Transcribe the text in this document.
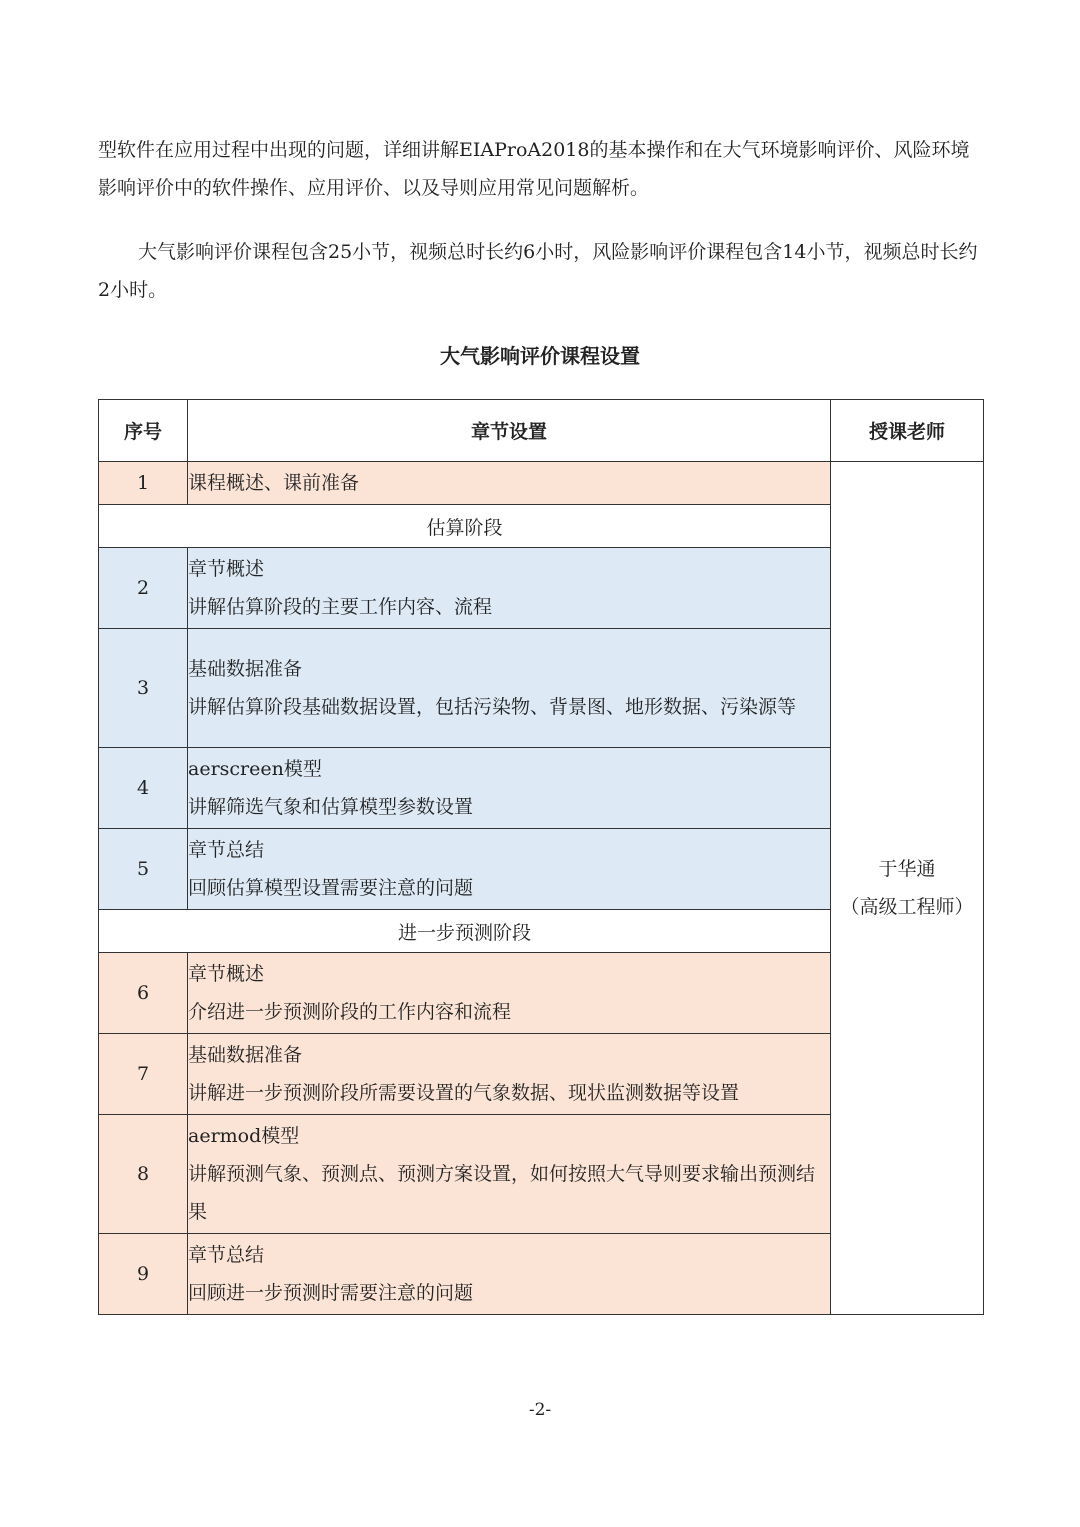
型软件在应用过程中出现的问题，详细讲解EIAProA2018的基本操作和在大气环境影响评价、风险环境影响评价中的软件操作、应用评价、以及导则应用常见问题解析。

大气影响评价课程包含25小节，视频总时长约6小时，风险影响评价课程包含14小节，视频总时长约2小时。

大气影响评价课程设置
序号	章节设置	授课老师
1	课程概述、课前准备	于华通
（高级工程师）

估算阶段		
2	章节概述
讲解估算阶段的主要工作内容、流程	

3	基础数据准备
讲解估算阶段基础数据设置，包括污染物、背景图、地形数据、污染源等	

4	aerscreen模型
讲解筛选气象和估算模型参数设置	

5	章节总结
回顾估算模型设置需要注意的问题	

进一步预测阶段		
6	章节概述
介绍进一步预测阶段的工作内容和流程	

7	基础数据准备
讲解进一步预测阶段所需要设置的气象数据、现状监测数据等设置	

8	aermod模型
讲解预测气象、预测点、预测方案设置，如何按照大气导则要求输出预测结果	

9	章节总结
回顾进一步预测时需要注意的问题	
-2-
